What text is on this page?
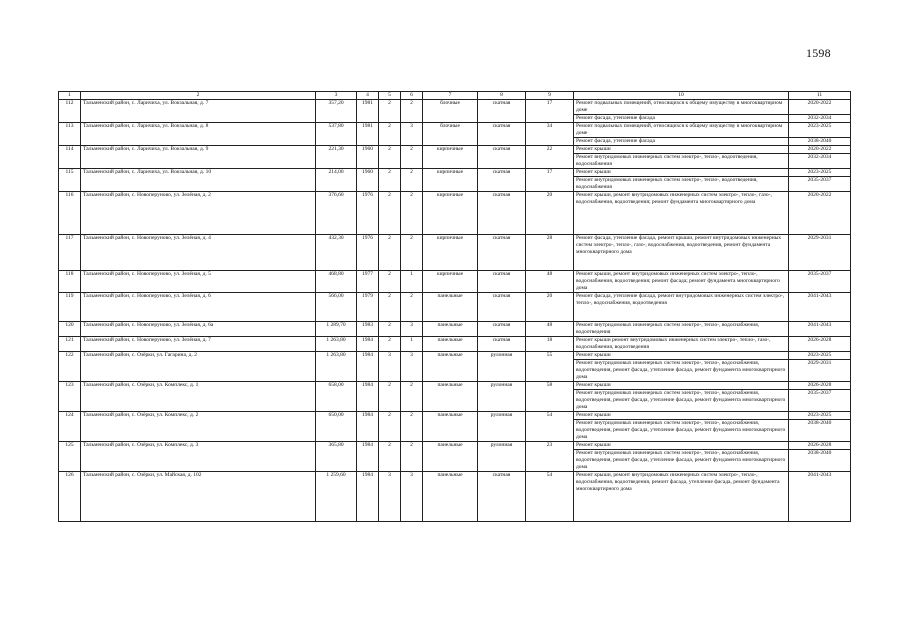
1598
1	2	3	4	5	6	7	8	9	10	11
112	Тальменский район, с. Ларичиха, ул. Вокзальная, д. 7	357,20	1981	2	2	блочные	скатная	17	Ремонт подвальных помещений, относящихся к общему имуществу в многоквартирном доме	2020-2022
									Ремонт фасада, утепление фасада	2032-2034
113	Тальменский район, с. Ларичиха, ул. Вокзальная, д. 8	537,80	1981	2	3	блочные	скатная	34	Ремонт подвальных помещений, относящихся к общему имуществу в многоквартирном доме	2023-2025
									Ремонт фасада, утепление фасада	2038-2040
114	Тальменский район, с. Ларичиха, ул. Вокзальная, д. 9	221,30	1960	2	2	кирпичные	скатная	22	Ремонт крыши	2020-2022
									Ремонт внутридомовых инженерных систем электро-, тепло-, водоотведения, водоснабжения	2032-2034
115	Тальменский район, с. Ларичиха, ул. Вокзальная, д. 10	214,00	1960	2	2	кирпичные	скатная	17	Ремонт крыши	2023-2025
									Ремонт внутридомовых инженерных систем электро-, тепло-, водоотведения, водоснабжения	2035-2037
116	Тальменский район, с. Новоперуново, ул. Зелёная, д. 2	376,60	1976	2	2	кирпичные	скатная	20	Ремонт крыши, ремонт внутридомовых инженерных систем электро-, тепло-, газо-, водоснабжения, водоотведения; ремонт фундамента многоквартирного дома	2020-2022
117	Тальменский район, с. Новоперуново, ул. Зелёная, д. 4	432,30	1976	2	2	кирпичные	скатная	28	Ремонт фасада, утепление фасада, ремонт крыши, ремонт внутридомовых инженерных систем электро-, тепло-, газо-, водоснабжения, водоотведения, ремонт фундамента многоквартирного дома	2029-2031
118	Тальменский район, с. Новоперуново, ул. Зелёная, д. 5	468,80	1977	2	1	кирпичные	скатная	48	Ремонт крыши, ремонт внутридомовых инженерных систем электро-, тепло-, водоснабжения, водоотведения; ремонт фасада; ремонт фундамента многоквартирного дома	2035-2037
119	Тальменский район, с. Новоперуново, ул. Зелёная, д. 6	566,00	1979	2	2	панельные	скатная	20	Ремонт фасада, утепление фасада, ремонт внутридомовых инженерных систем электро-, тепло-, водоснабжения, водоотведения	2041-2043
120	Тальменский район, с. Новоперуново, ул. Зелёная, д. 6а	1 289,70	1983	2	3	панельные	скатная	48	Ремонт внутридомовых инженерных систем электро-, тепло-, водоснабжения, водоотведения	2041-2043
121	Тальменский район, с. Новоперуново, ул. Зелёная, д. 7	1 263,80	1984	2	1	панельные	скатная	18	Ремонт крыши ремонт внутридомовых инженерных систем электро-, тепло-, газо-, водоснабжения, водоотведения	2026-2028
122	Тальменский район, с. Озёрки, ул. Гагарина, д. 2	1 263,80	1984	3	3	панельные	рулонная	55	Ремонт крыши	2023-2025
									Ремонт внутридомовых инженерных систем электро-, тепло-, водоснабжения, водоотведения, ремонт фасада, утепление фасада, ремонт фундамента многоквартирного дома	2029-2031
123	Тальменский район, с. Озёрки, ул. Комплекс, д. 1	658,00	1984	2	2	панельные	рулонная	58	Ремонт крыши	2026-2028
									Ремонт внутридомовых инженерных систем электро-, тепло-, водоснабжения, водоотведения, ремонт фасада, утепление фасада, ремонт фундамента многоквартирного дома	2035-2037
124	Тальменский район, с. Озёрки, ул. Комплекс, д. 2	650,00	1984	2	2	панельные	рулонная	54	Ремонт крыши	2023-2025
									Ремонт внутридомовых инженерных систем электро-, тепло-, водоснабжения, водоотведения, ремонт фасада, утепление фасада, ремонт фундамента многоквартирного дома	2038-2040
125	Тальменский район, с. Озёрки, ул. Комплекс, д. 3	365,80	1984	2	2	панельные	рулонная	23	Ремонт крыши	2026-2028
									Ремонт внутридомовых инженерных систем электро-, тепло-, водоснабжения, водоотведения, ремонт фасада, утепление фасада, ремонт фундамента многоквартирного дома	2038-2040
126	Тальменский район, с. Озёрки, ул. Майская, д. 102	1 259,60	1984	3	3	панельные	скатная	54	Ремонт крыши, ремонт внутридомовых инженерных систем электро-, тепло-, водоснабжения, водоотведения, ремонт фасада, утепление фасада, ремонт фундамента многоквартирного дома	2041-2043
